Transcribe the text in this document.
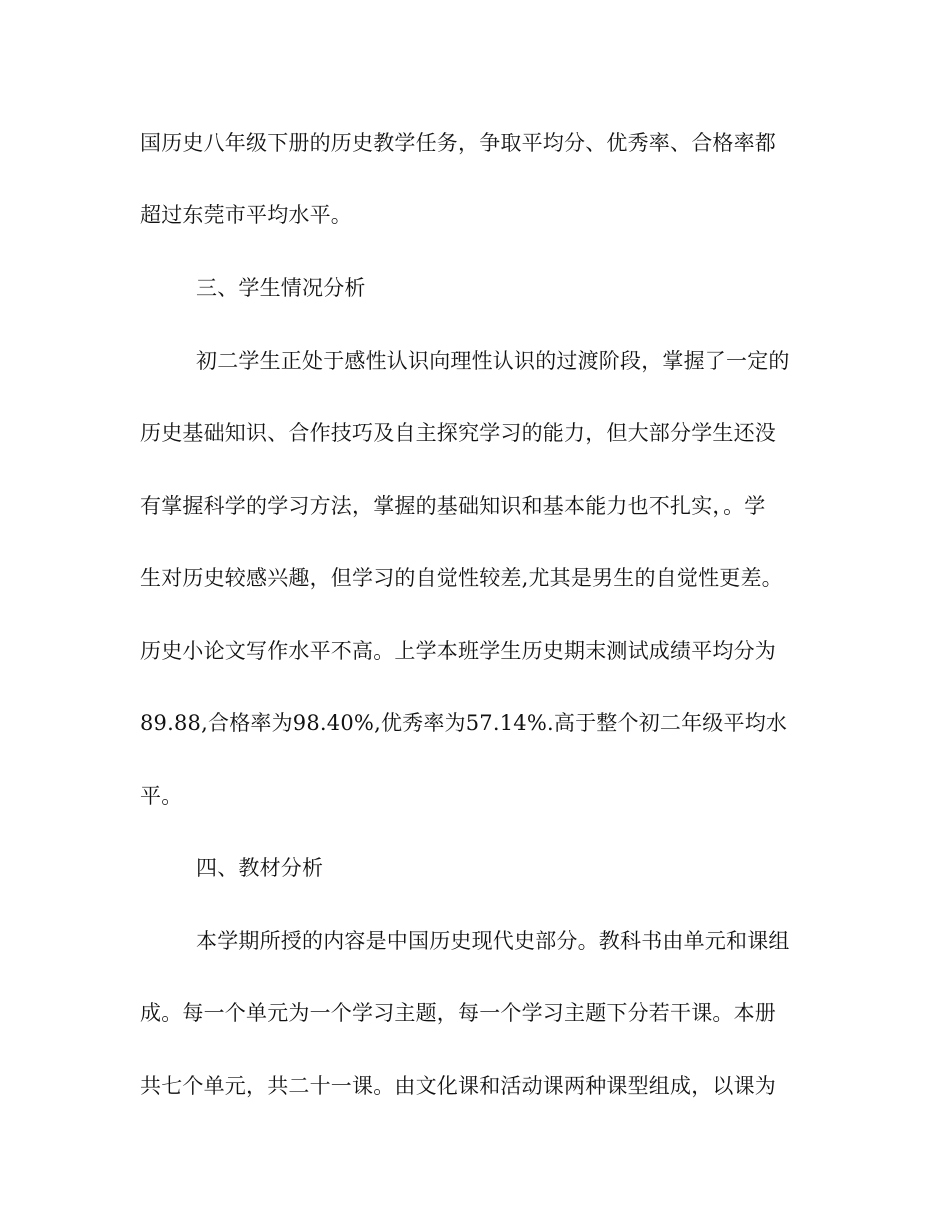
国历史八年级下册的历史教学任务，争取平均分、优秀率、合格率都
超过东莞市平均水平。
三、学生情况分析
初二学生正处于感性认识向理性认识的过渡阶段，掌握了一定的
历史基础知识、合作技巧及自主探究学习的能力，但大部分学生还没
有掌握科学的学习方法，掌握的基础知识和基本能力也不扎实，。学
生对历史较感兴趣，但学习的自觉性较差,尤其是男生的自觉性更差。
历史小论文写作水平不高。上学本班学生历史期末测试成绩平均分为
89.88,合格率为98.40%,优秀率为57.14%.高于整个初二年级平均水
平。
四、教材分析
本学期所授的内容是中国历史现代史部分。教科书由单元和课组
成。每一个单元为一个学习主题，每一个学习主题下分若干课。本册
共七个单元，共二十一课。由文化课和活动课两种课型组成，以课为
